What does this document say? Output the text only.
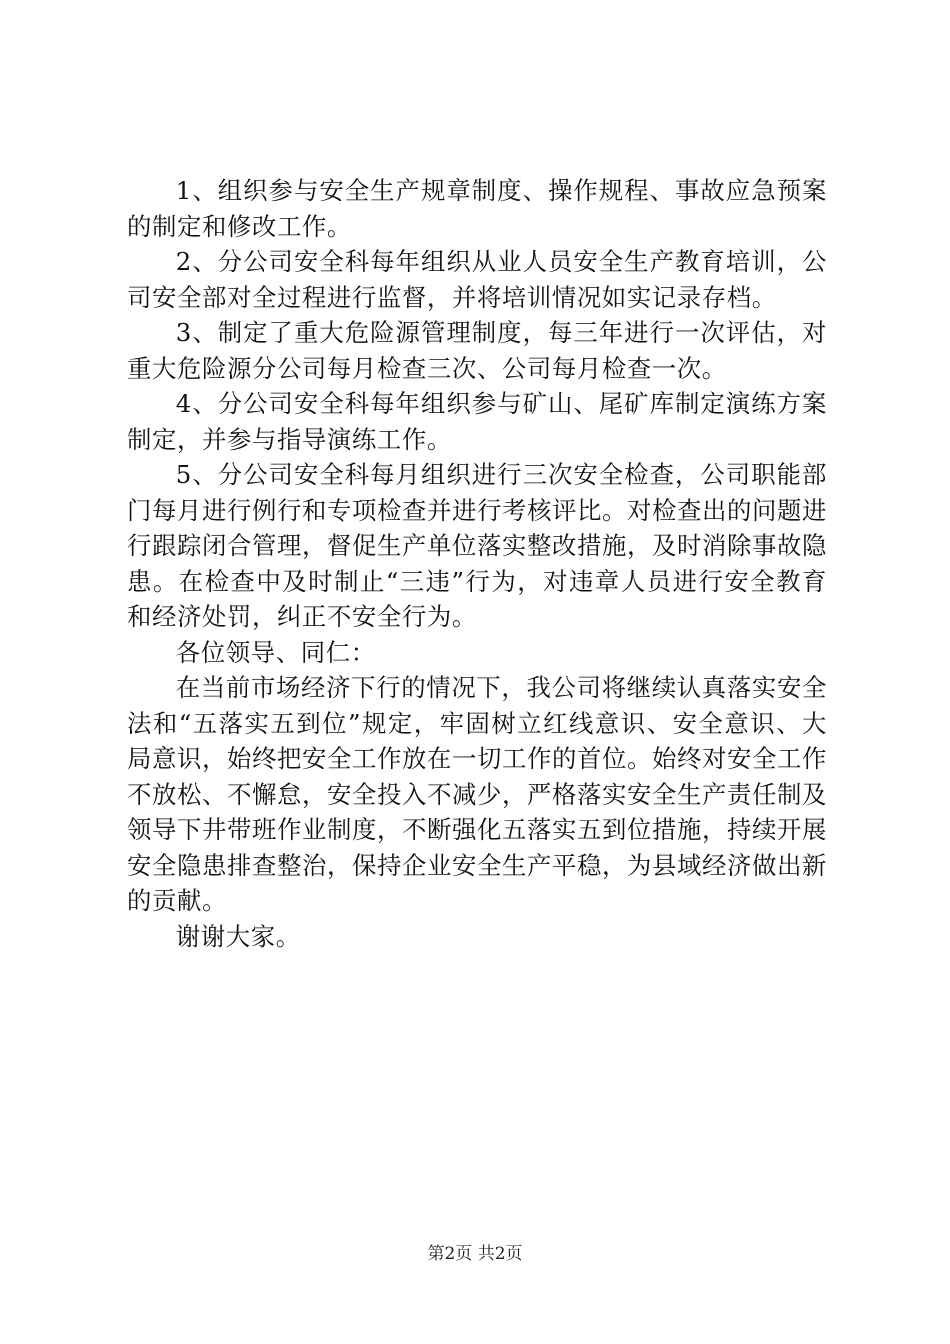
1、组织参与安全生产规章制度、操作规程、事故应急预案的制定和修改工作。

2、分公司安全科每年组织从业人员安全生产教育培训，公司安全部对全过程进行监督，并将培训情况如实记录存档。

3、制定了重大危险源管理制度，每三年进行一次评估，对重大危险源分公司每月检查三次、公司每月检查一次。

4、分公司安全科每年组织参与矿山、尾矿库制定演练方案制定，并参与指导演练工作。

5、分公司安全科每月组织进行三次安全检查，公司职能部门每月进行例行和专项检查并进行考核评比。对检查出的问题进行跟踪闭合管理，督促生产单位落实整改措施，及时消除事故隐患。在检查中及时制止“三违”行为，对违章人员进行安全教育和经济处罚，纠正不安全行为。

各位领导、同仁：

在当前市场经济下行的情况下，我公司将继续认真落实安全法和“五落实五到位”规定，牢固树立红线意识、安全意识、大局意识，始终把安全工作放在一切工作的首位。始终对安全工作不放松、不懈怠，安全投入不减少，严格落实安全生产责任制及领导下井带班作业制度，不断强化五落实五到位措施，持续开展安全隐患排查整治，保持企业安全生产平稳，为县域经济做出新的贡献。

谢谢大家。

第2页 共2页
